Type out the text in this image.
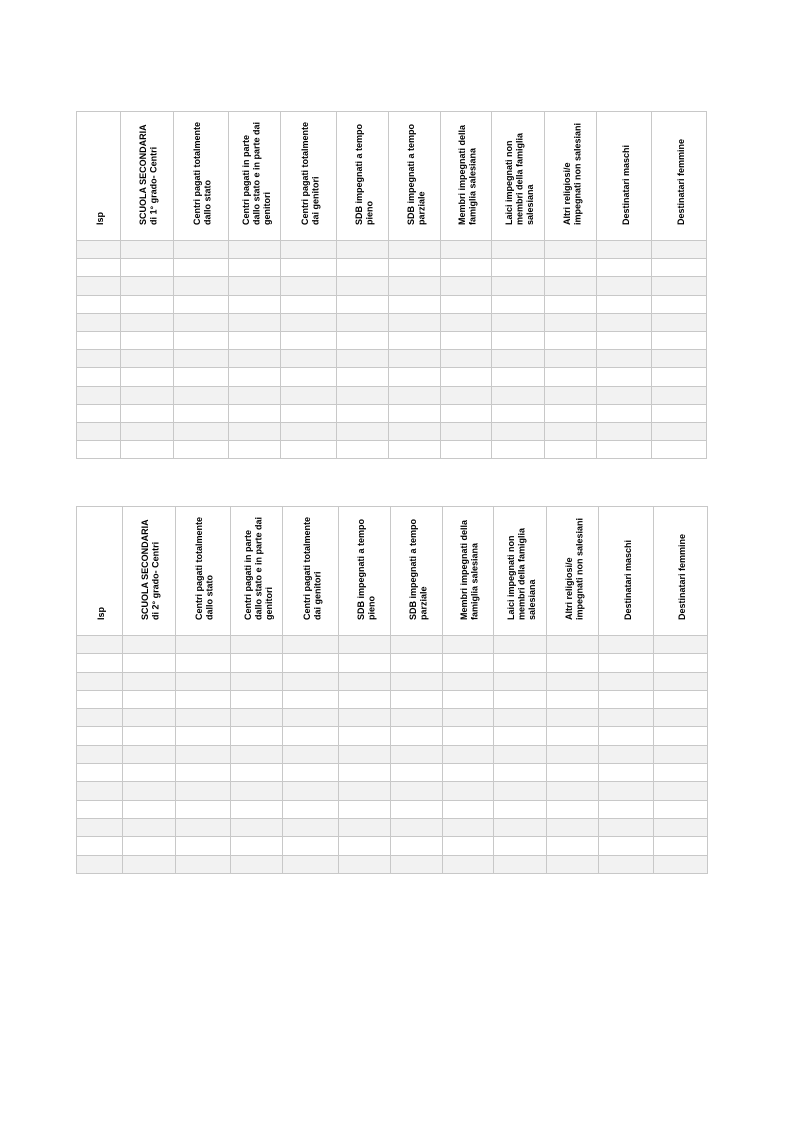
Isp	SCUOLA SECONDARIA di 1° grado- Centri	Centri pagati totalmente dallo stato	Centri pagati in parte dallo stato e in parte dai genitori	Centri pagati totalmente dai genitori	SDB impegnati a tempo pieno	SDB impegnati a tempo parziale	Membri impegnati della famiglia salesiana	Laici impegnati non membri della famiglia salesiana	Altri religiosi/e impegnati non salesiani	Destinatari maschi	Destinatari femmine

Isp	SCUOLA SECONDARIA di 2° grado- Centri	Centri pagati totalmente dallo stato	Centri pagati in parte dallo stato e in parte dai genitori	Centri pagati totalmente dai genitori	SDB impegnati a tempo pieno	SDB impegnati a tempo parziale	Membri impegnati della famiglia salesiana	Laici impegnati non membri della famiglia salesiana	Altri religiosi/e impegnati non salesiani	Destinatari maschi	Destinatari femmine
